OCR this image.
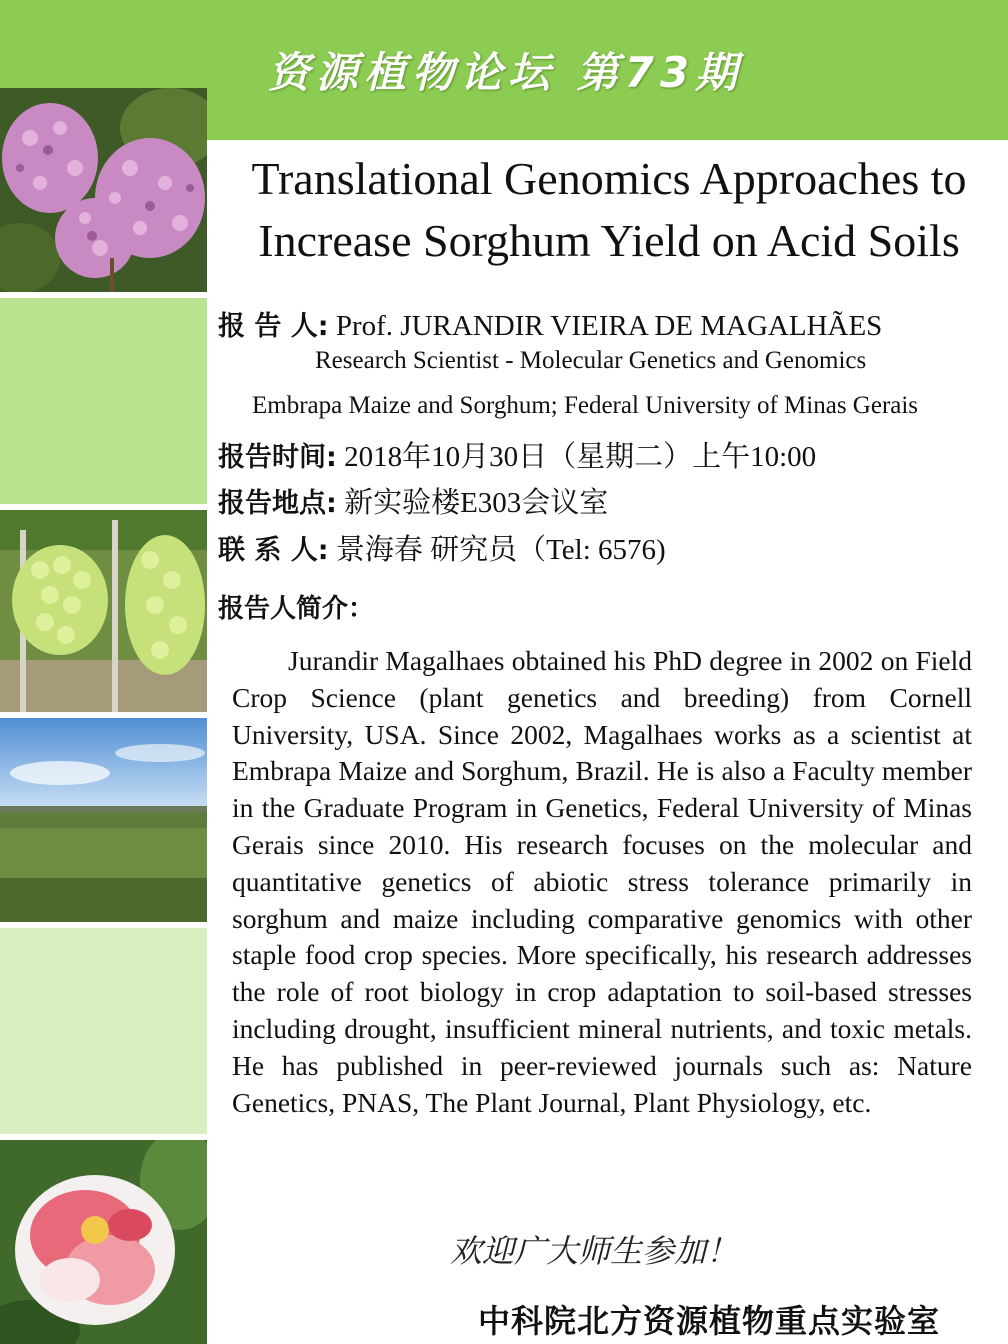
资源植物论坛 第73期
Translational Genomics Approaches to
Increase Sorghum Yield on Acid Soils
报 告 人: Prof. JURANDIR VIEIRA DE MAGALHÃES
Research Scientist - Molecular Genetics and Genomics
Embrapa Maize and Sorghum; Federal University of Minas Gerais
报告时间: 2018年10月30日（星期二）上午10:00
报告地点: 新实验楼E303会议室
联 系 人: 景海春 研究员（Tel: 6576)
报告人简介：
Jurandir Magalhaes obtained his PhD degree in 2002 on Field Crop Science (plant genetics and breeding) from Cornell University, USA. Since 2002, Magalhaes works as a scientist at Embrapa Maize and Sorghum, Brazil. He is also a Faculty member in the Graduate Program in Genetics, Federal University of Minas Gerais since 2010. His research focuses on the molecular and quantitative genetics of abiotic stress tolerance primarily in sorghum and maize including comparative genomics with other staple food crop species. More specifically, his research addresses the role of root biology in crop adaptation to soil-based stresses including drought, insufficient mineral nutrients, and toxic metals. He has published in peer-reviewed journals such as: Nature Genetics, PNAS, The Plant Journal, Plant Physiology, etc.
欢迎广大师生参加！
中科院北方资源植物重点实验室
